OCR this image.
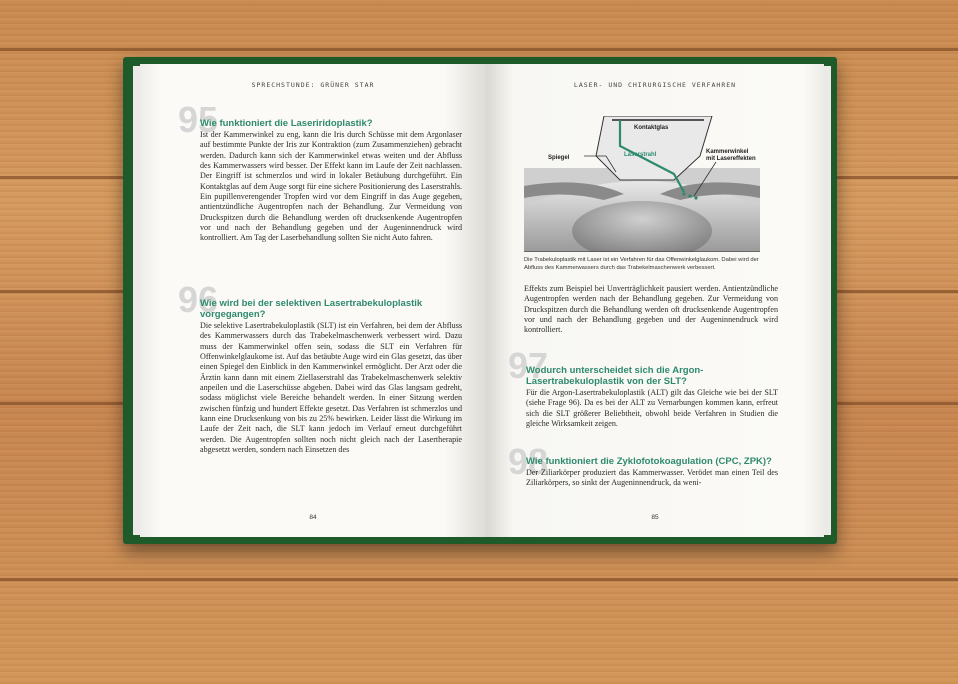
SPRECHSTUNDE: GRÜNER STAR
95
Wie funktioniert die Laseriridoplastik?
Ist der Kammerwinkel zu eng, kann die Iris durch Schüsse mit dem Argonlaser auf bestimmte Punkte der Iris zur Kontraktion (zum Zusammenziehen) gebracht werden. Dadurch kann sich der Kammerwinkel etwas weiten und der Abfluss des Kammerwassers wird besser. Der Effekt kann im Laufe der Zeit nachlassen. Der Eingriff ist schmerzlos und wird in lokaler Betäubung durchgeführt. Ein Kontaktglas auf dem Auge sorgt für eine sichere Positionierung des Laserstrahls. Ein pupillenverengender Tropfen wird vor dem Eingriff in das Auge gegeben, antientzündliche Augentropfen nach der Behandlung. Zur Vermeidung von Druckspitzen durch die Behandlung werden oft drucksenkende Augentropfen vor und nach der Behandlung gegeben und der Augeninnendruck wird kontrolliert. Am Tag der Laserbehandlung sollten Sie nicht Auto fahren.
96
Wie wird bei der selektiven Lasertrabekuloplastik vorgegangen?
Die selektive Lasertrabekuloplastik (SLT) ist ein Verfahren, bei dem der Abfluss des Kammerwassers durch das Trabekelmaschenwerk verbessert wird. Dazu muss der Kammerwinkel offen sein, sodass die SLT ein Verfahren für Offenwinkelglaukome ist. Auf das betäubte Auge wird ein Glas gesetzt, das über einen Spiegel den Einblick in den Kammerwinkel ermöglicht. Der Arzt oder die Ärztin kann dann mit einem Ziellaserstrahl das Trabekelmaschenwerk selektiv anpeilen und die Laserschüsse abgeben. Dabei wird das Glas langsam gedreht, sodass möglichst viele Bereiche behandelt werden. In einer Sitzung werden zwischen fünfzig und hundert Effekte gesetzt. Das Verfahren ist schmerzlos und kann eine Drucksenkung von bis zu 25% bewirken. Leider lässt die Wirkung im Laufe der Zeit nach, die SLT kann jedoch im Verlauf erneut durchgeführt werden. Die Augentropfen sollten noch nicht gleich nach der Lasertherapie abgesetzt werden, sondern nach Einsetzen des
84
LASER- UND CHIRURGISCHE VERFAHREN
Kontaktglas
Spiegel	Laserstrahl	Kammerwinkel
mit Lasereffekten
Die Trabekuloplastik mit Laser ist ein Verfahren für das Offenwinkelglaukom. Dabei wird der Abfluss des Kammerwassers durch das Trabekelmaschenwerk verbessert.
Effekts zum Beispiel bei Unverträglichkeit pausiert werden. Antientzündliche Augentropfen werden nach der Behandlung gegeben. Zur Vermeidung von Druckspitzen durch die Behandlung werden oft drucksenkende Augentropfen vor und nach der Behandlung gegeben und der Augeninnendruck wird kontrolliert.
97
Wodurch unterscheidet sich die Argon-Lasertrabekuloplastik von der SLT?
Für die Argon-Lasertrabekuloplastik (ALT) gilt das Gleiche wie bei der SLT (siehe Frage 96). Da es bei der ALT zu Vernarbungen kommen kann, erfreut sich die SLT größerer Beliebtheit, obwohl beide Verfahren in Studien die gleiche Wirksamkeit zeigen.
98
Wie funktioniert die Zyklofotokoagulation (CPC, ZPK)?
Der Ziliarkörper produziert das Kammerwasser. Verödet man einen Teil des Ziliarkörpers, so sinkt der Augeninnendruck, da weni-
85
